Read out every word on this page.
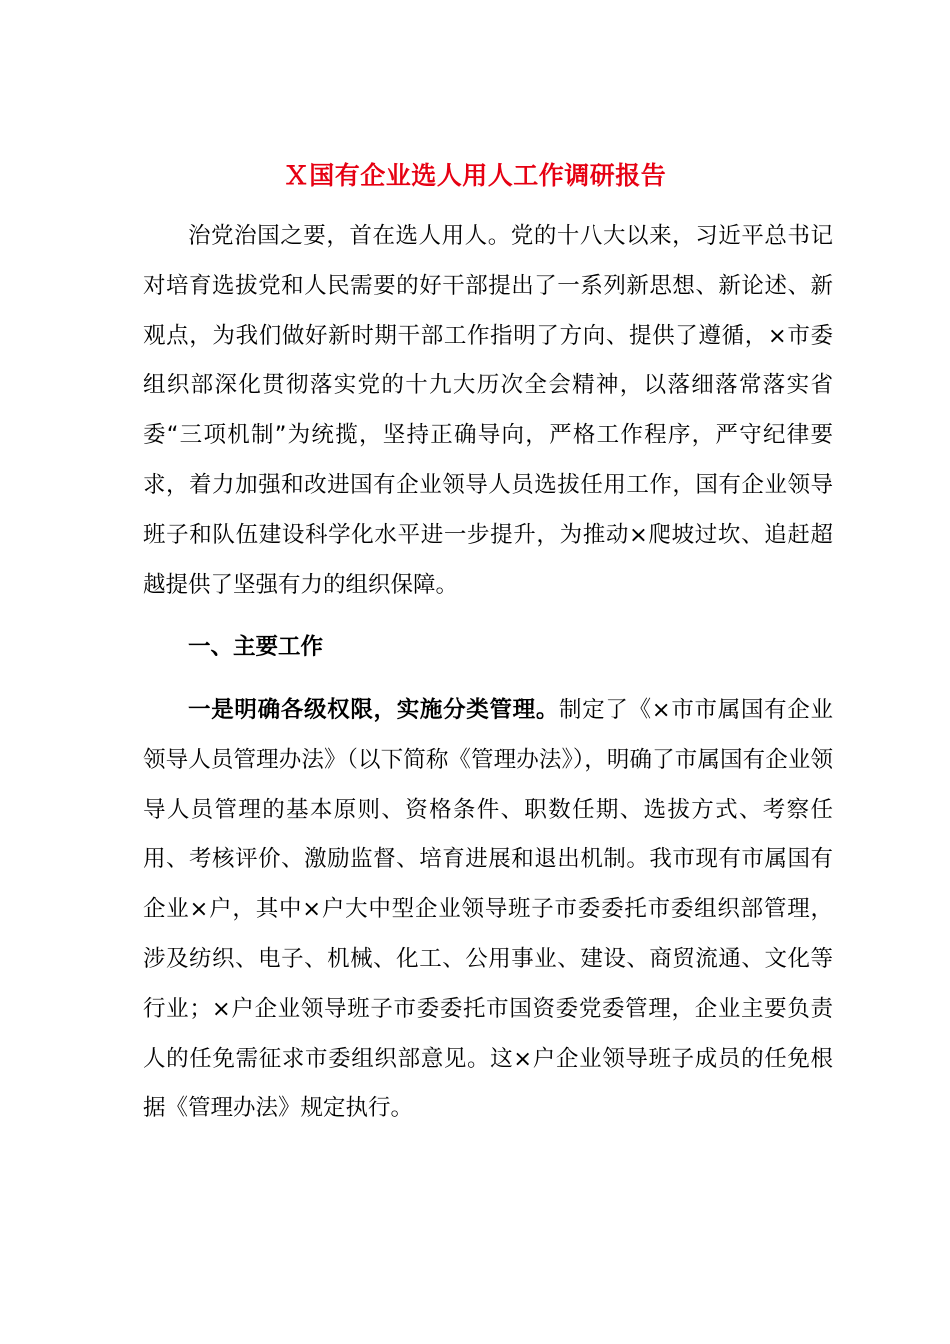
Ｘ国有企业选人用人工作调研报告

治党治国之要，首在选人用人。党的十八大以来，习近平总书记对培育选拔党和人民需要的好干部提出了一系列新思想、新论述、新观点，为我们做好新时期干部工作指明了方向、提供了遵循，×市委组织部深化贯彻落实党的十九大历次全会精神，以落细落常落实省委“三项机制”为统揽，坚持正确导向，严格工作程序，严守纪律要求，着力加强和改进国有企业领导人员选拔任用工作，国有企业领导班子和队伍建设科学化水平进一步提升，为推动×爬坡过坎、追赶超越提供了坚强有力的组织保障。

一、主要工作

一是明确各级权限，实施分类管理。制定了《×市市属国有企业领导人员管理办法》（以下简称《管理办法》），明确了市属国有企业领导人员管理的基本原则、资格条件、职数任期、选拔方式、考察任用、考核评价、激励监督、培育进展和退出机制。我市现有市属国有企业×户，其中×户大中型企业领导班子市委委托市委组织部管理，涉及纺织、电子、机械、化工、公用事业、建设、商贸流通、文化等行业；×户企业领导班子市委委托市国资委党委管理，企业主要负责人的任免需征求市委组织部意见。这×户企业领导班子成员的任免根据《管理办法》规定执行。
